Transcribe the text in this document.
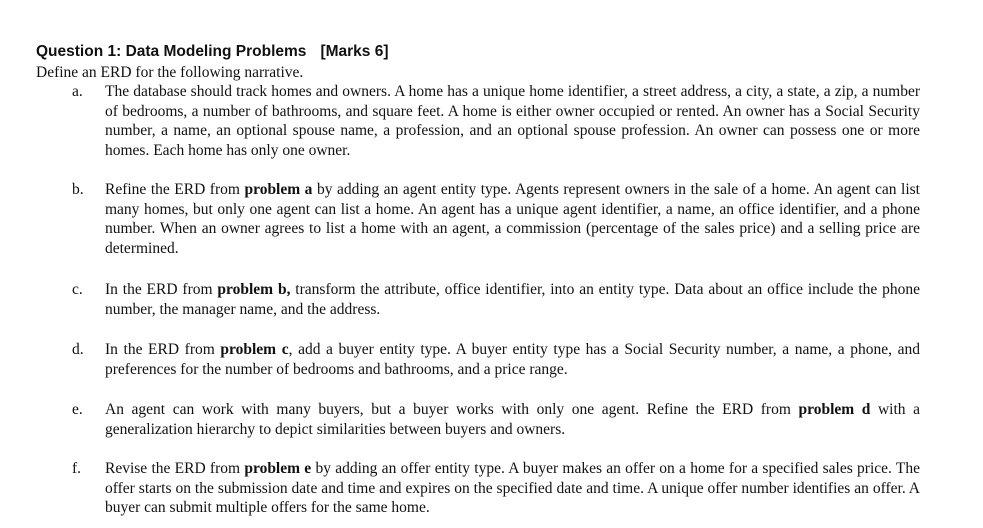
Question 1: Data Modeling Problems [Marks 6]
Define an ERD for the following narrative.
a. The database should track homes and owners. A home has a unique home identifier, a street address, a city, a state, a zip, a number of bedrooms, a number of bathrooms, and square feet. A home is either owner occupied or rented. An owner has a Social Security number, a name, an optional spouse name, a profession, and an optional spouse profession. An owner can possess one or more homes. Each home has only one owner.
b. Refine the ERD from problem a by adding an agent entity type. Agents represent owners in the sale of a home. An agent can list many homes, but only one agent can list a home. An agent has a unique agent identifier, a name, an office identifier, and a phone number. When an owner agrees to list a home with an agent, a commission (percentage of the sales price) and a selling price are determined.
c. In the ERD from problem b, transform the attribute, office identifier, into an entity type. Data about an office include the phone number, the manager name, and the address.
d. In the ERD from problem c, add a buyer entity type. A buyer entity type has a Social Security number, a name, a phone, and preferences for the number of bedrooms and bathrooms, and a price range.
e. An agent can work with many buyers, but a buyer works with only one agent. Refine the ERD from problem d with a generalization hierarchy to depict similarities between buyers and owners.
f. Revise the ERD from problem e by adding an offer entity type. A buyer makes an offer on a home for a specified sales price. The offer starts on the submission date and time and expires on the specified date and time. A unique offer number identifies an offer. A buyer can submit multiple offers for the same home.
